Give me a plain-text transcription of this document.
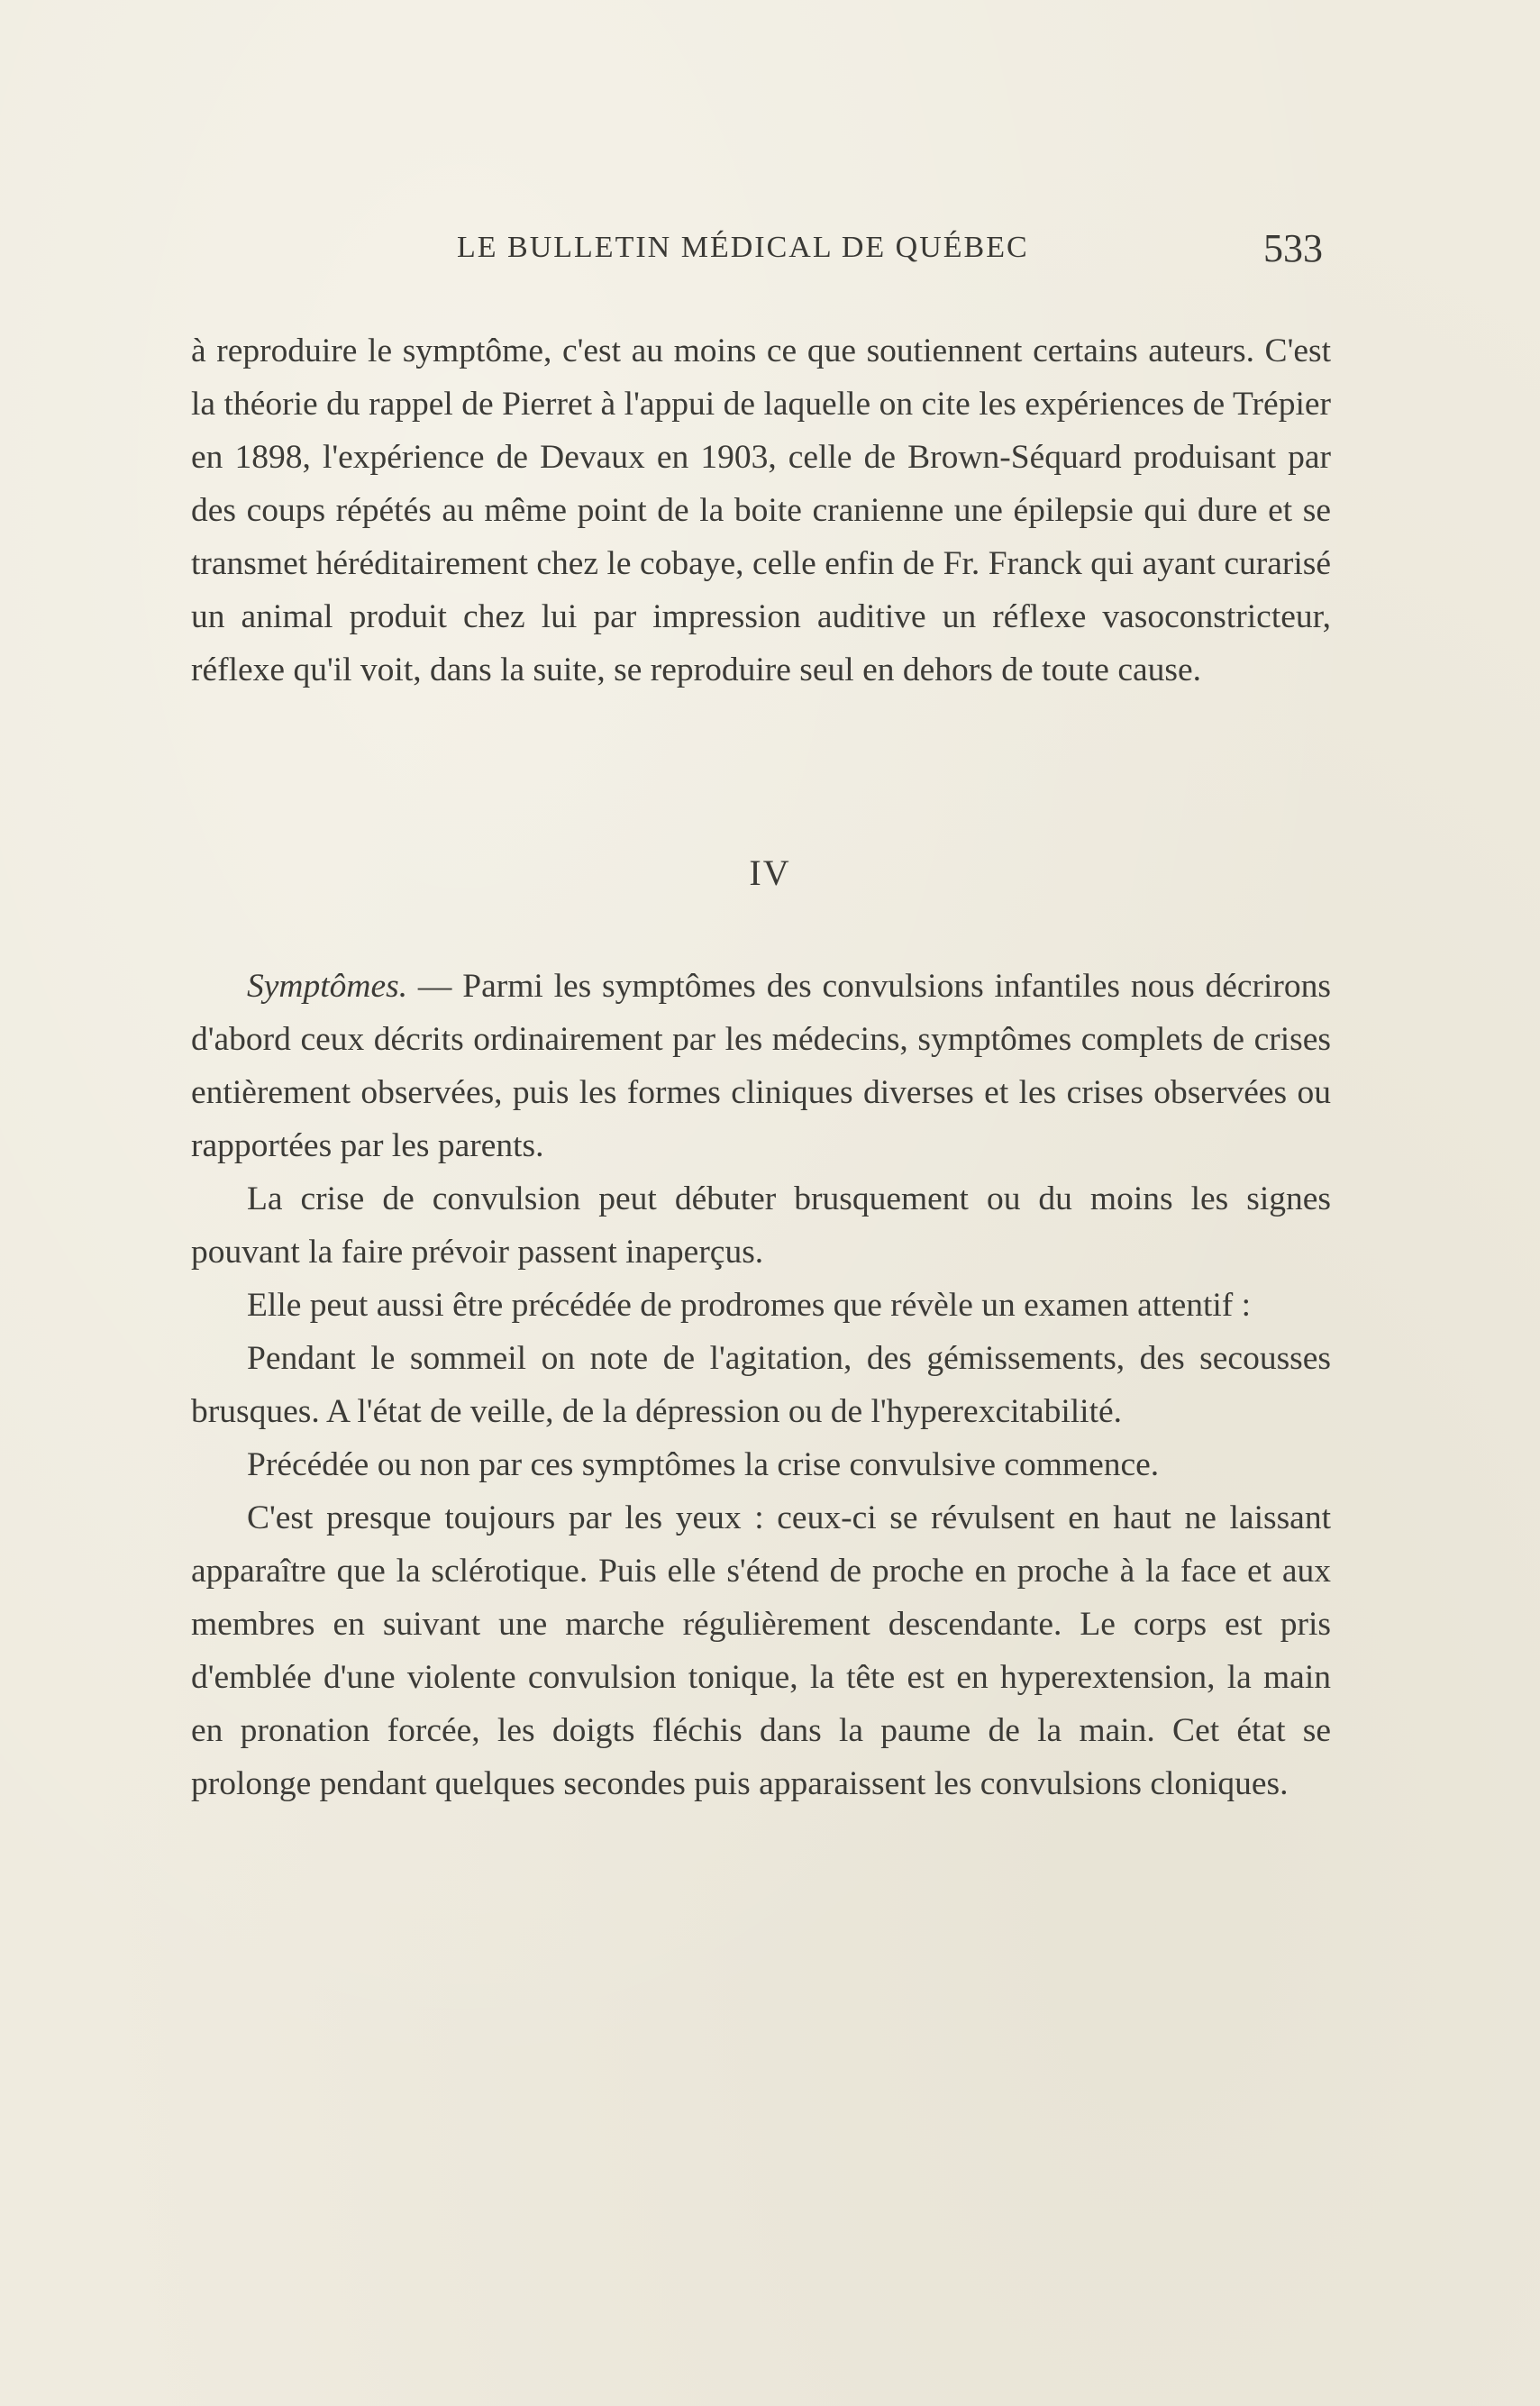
LE BULLETIN MÉDICAL DE QUÉBEC	533

à reproduire le symptôme, c'est au moins ce que soutiennent certains auteurs. C'est la théorie du rappel de Pierret à l'appui de laquelle on cite les expériences de Trépier en 1898, l'expérience de Devaux en 1903, celle de Brown-Séquard produisant par des coups répétés au même point de la boite cranienne une épilepsie qui dure et se transmet héréditairement chez le cobaye, celle enfin de Fr. Franck qui ayant curarisé un animal produit chez lui par impression auditive un réflexe vasoconstricteur, réflexe qu'il voit, dans la suite, se reproduire seul en dehors de toute cause.

IV

Symptômes. — Parmi les symptômes des convulsions infantiles nous décrirons d'abord ceux décrits ordinairement par les médecins, symptômes complets de crises entièrement observées, puis les formes cliniques diverses et les crises observées ou rapportées par les parents.

La crise de convulsion peut débuter brusquement ou du moins les signes pouvant la faire prévoir passent inaperçus.

Elle peut aussi être précédée de prodromes que révèle un examen attentif :

Pendant le sommeil on note de l'agitation, des gémissements, des secousses brusques. A l'état de veille, de la dépression ou de l'hyperexcitabilité.

Précédée ou non par ces symptômes la crise convulsive commence.

C'est presque toujours par les yeux : ceux-ci se révulsent en haut ne laissant apparaître que la sclérotique. Puis elle s'étend de proche en proche à la face et aux membres en suivant une marche régulièrement descendante. Le corps est pris d'emblée d'une violente convulsion tonique, la tête est en hyperextension, la main en pronation forcée, les doigts fléchis dans la paume de la main. Cet état se prolonge pendant quelques secondes puis apparaissent les convulsions cloniques.
